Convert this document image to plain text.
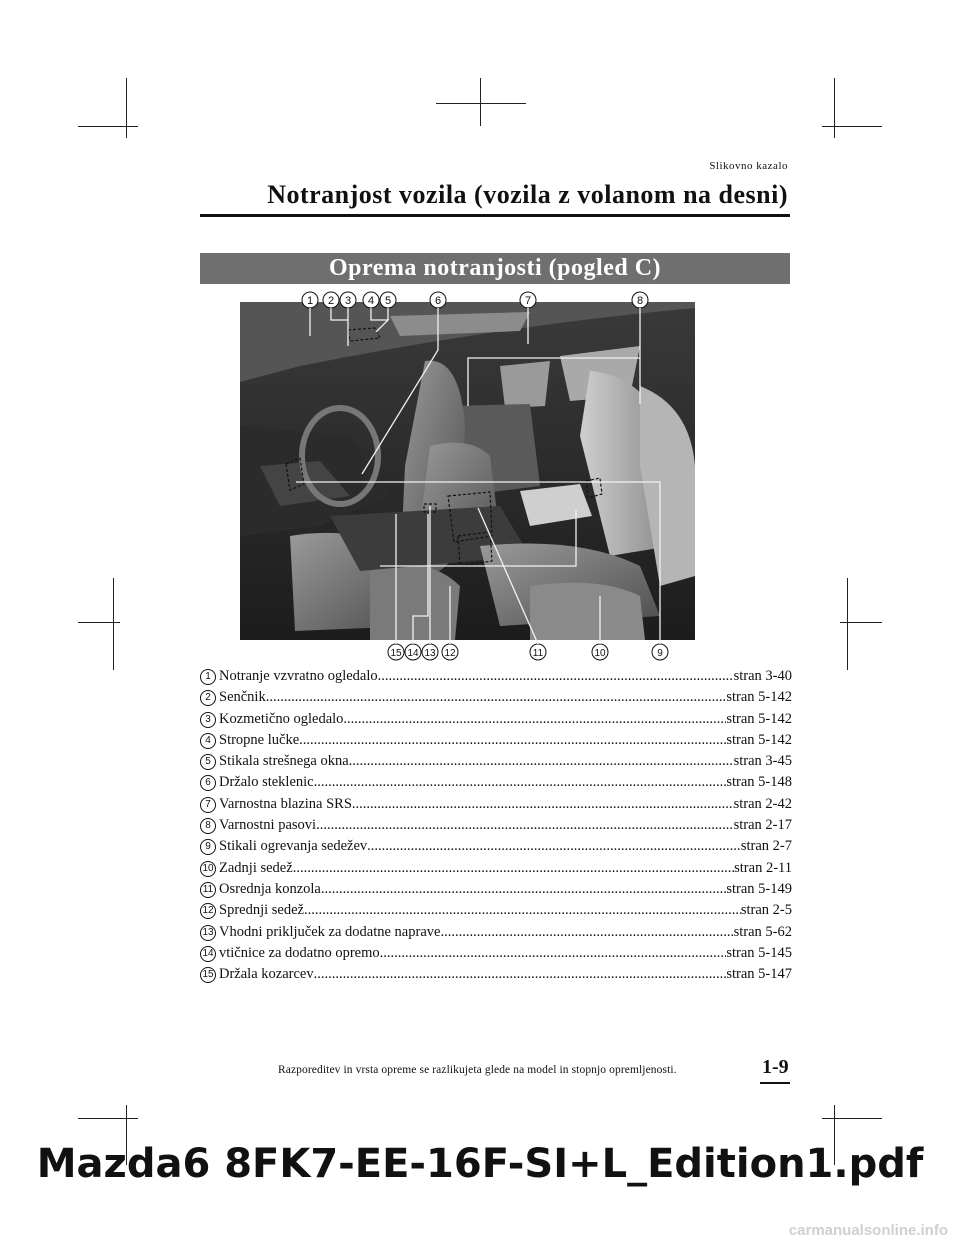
Slikovno kazalo
Notranjost vozila (vozila z volanom na desni)
Oprema notranjosti (pogled C)
1 2 3 4 5	6	7	8
15 14 13 12	11	10	9
1 Notranje vzvratno ogledalo .....	stran 3-40
2 Senčnik .....	stran 5-142
3 Kozmetično ogledalo .....	stran 5-142
4 Stropne lučke .....	stran 5-142
5 Stikala strešnega okna .....	stran 3-45
6 Držalo steklenic .....	stran 5-148
7 Varnostna blazina SRS .....	stran 2-42
8 Varnostni pasovi .....	stran 2-17
9 Stikali ogrevanja sedežev .....	stran 2-7
10 Zadnji sedež .....	stran 2-11
11 Osrednja konzola .....	stran 5-149
12 Sprednji sedež .....	stran 2-5
13 Vhodni priključek za dodatne naprave .....	stran 5-62
14 vtičnice za dodatno opremo .....	stran 5-145
15 Držala kozarcev .....	stran 5-147
Razporeditev in vrsta opreme se razlikujeta glede na model in stopnjo opremljenosti.	1-9
Mazda6 8FK7-EE-16F-SI+L_Edition1.pdf
carmanualsonline.info
